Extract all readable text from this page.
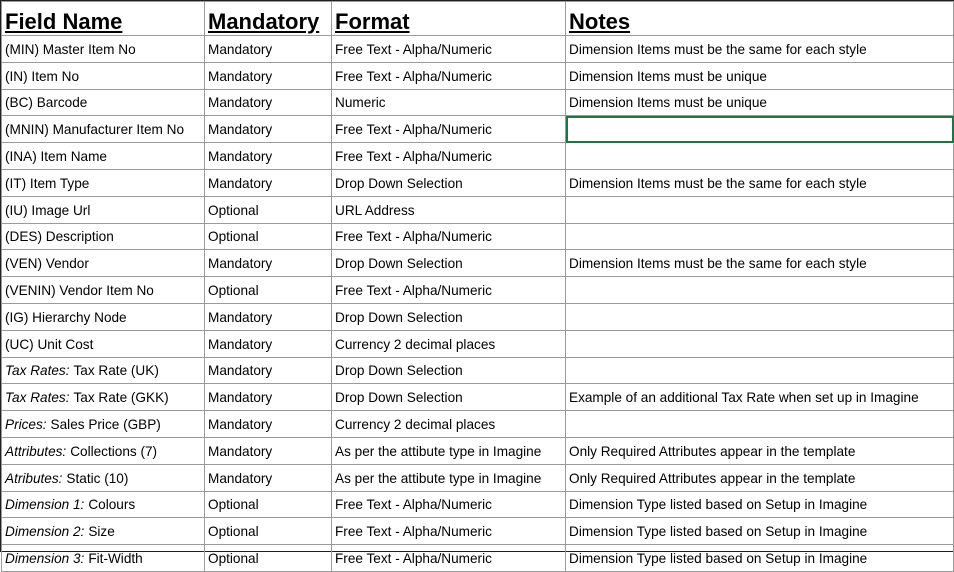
Field Name	Mandatory	Format	Notes
(MIN) Master Item No	Mandatory	Free Text - Alpha/Numeric	Dimension Items must be the same for each style
(IN) Item No	Mandatory	Free Text - Alpha/Numeric	Dimension Items must be unique
(BC) Barcode	Mandatory	Numeric	Dimension Items must be unique
(MNIN) Manufacturer Item No	Mandatory	Free Text - Alpha/Numeric	
(INA) Item Name	Mandatory	Free Text - Alpha/Numeric	
(IT) Item Type	Mandatory	Drop Down Selection	Dimension Items must be the same for each style
(IU) Image Url	Optional	URL Address	
(DES) Description	Optional	Free Text - Alpha/Numeric	
(VEN) Vendor	Mandatory	Drop Down Selection	Dimension Items must be the same for each style
(VENIN) Vendor Item No	Optional	Free Text - Alpha/Numeric	
(IG) Hierarchy Node	Mandatory	Drop Down Selection	
(UC) Unit Cost	Mandatory	Currency 2 decimal places	
Tax Rates: Tax Rate (UK)	Mandatory	Drop Down Selection	
Tax Rates: Tax Rate (GKK)	Mandatory	Drop Down Selection	Example of an additional Tax Rate when set up in Imagine
Prices: Sales Price (GBP)	Mandatory	Currency 2 decimal places	
Attributes: Collections (7)	Mandatory	As per the attibute type in Imagine	Only Required Attributes appear in the template
Atributes: Static (10)	Mandatory	As per the attibute type in Imagine	Only Required Attributes appear in the template
Dimension 1: Colours	Optional	Free Text - Alpha/Numeric	Dimension Type listed based on Setup in Imagine
Dimension 2: Size	Optional	Free Text - Alpha/Numeric	Dimension Type listed based on Setup in Imagine
Dimension 3: Fit-Width	Optional	Free Text - Alpha/Numeric	Dimension Type listed based on Setup in Imagine
